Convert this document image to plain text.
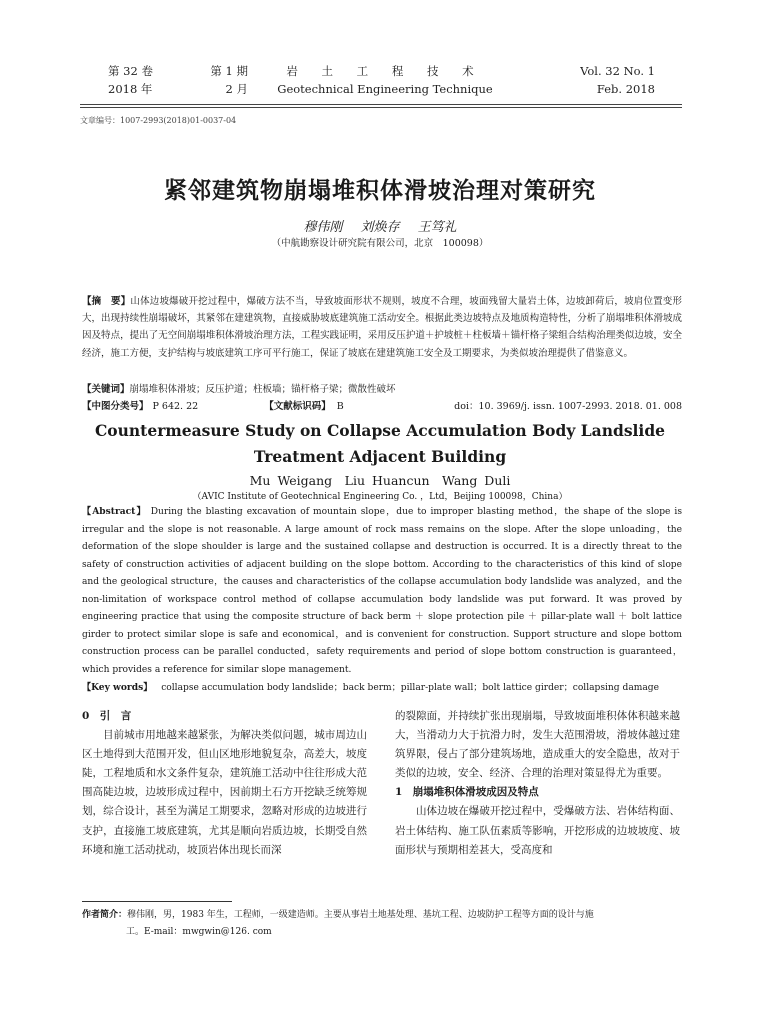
第 32 卷	第 1 期
2018 年	2 月
岩 土 工 程 技 术
Geotechnical Engineering Technique
Vol. 32 No. 1
Feb. 2018
文章编号：1007-2993(2018)01-0037-04
紧邻建筑物崩塌堆积体滑坡治理对策研究
穆伟刚 刘焕存 王笃礼
（中航勘察设计研究院有限公司，北京　100098）
【摘　要】山体边坡爆破开挖过程中，爆破方法不当，导致坡面形状不规则，坡度不合理，坡面残留大量岩土体，边坡卸荷后，坡肩位置变形大，出现持续性崩塌破坏，其紧邻在建建筑物，直接威胁坡底建筑施工活动安全。根据此类边坡特点及地质构造特性，分析了崩塌堆积体滑坡成因及特点，提出了无空间崩塌堆积体滑坡治理方法，工程实践证明，采用反压护道＋护坡桩＋柱板墙＋锚杆格子梁组合结构治理类似边坡，安全经济，施工方便，支护结构与坡底建筑工序可平行施工，保证了坡底在建建筑施工安全及工期要求，为类似坡治理提供了借鉴意义。
【关键词】崩塌堆积体滑坡；反压护道；柱板墙；锚杆格子梁；微散性破坏
【中图分类号】 P 642. 22	【文献标识码】 B	doi：10. 3969/j. issn. 1007-2993. 2018. 01. 008
Countermeasure Study on Collapse Accumulation Body Landslide
Treatment Adjacent Building
Mu Weigang　Liu Huancun　Wang Duli
（AVIC Institute of Geotechnical Engineering Co. ，Ltd，Beijing 100098，China）
【Abstract】 During the blasting excavation of mountain slope，due to improper blasting method，the shape of the slope is irregular and the slope is not reasonable. A large amount of rock mass remains on the slope. After the slope unloading，the deformation of the slope shoulder is large and the sustained collapse and destruction is occurred. It is a directly threat to the safety of construction activities of adjacent building on the slope bottom. According to the characteristics of this kind of slope and the geological structure，the causes and characteristics of the collapse accumulation body landslide was analyzed，and the non-limitation of workspace control method of collapse accumulation body landslide was put forward. It was proved by engineering practice that using the composite structure of back berm ＋ slope protection pile ＋ pillar-plate wall ＋ bolt lattice girder to protect similar slope is safe and economical，and is convenient for construction. Support structure and slope bottom construction process can be parallel conducted，safety requirements and period of slope bottom construction is guaranteed，which provides a reference for similar slope management.
【Key words】 collapse accumulation body landslide；back berm；pillar-plate wall；bolt lattice girder；collapsing damage
0　引　言
目前城市用地越来越紧张，为解决类似问题，城市周边山区土地得到大范围开发，但山区地形地貌复杂，高差大，坡度陡，工程地质和水文条件复杂，建筑施工活动中往往形成大范围高陡边坡，边坡形成过程中，因前期土石方开挖缺乏统筹规划，综合设计，甚至为满足工期要求，忽略对形成的边坡进行支护，直接施工坡底建筑，尤其是顺向岩质边坡，长期受自然环境和施工活动扰动，坡顶岩体出现长而深
的裂隙面，并持续扩张出现崩塌，导致坡面堆积体体积越来越大，当滑动力大于抗滑力时，发生大范围滑坡，滑坡体越过建筑界限，侵占了部分建筑场地，造成重大的安全隐患，故对于类似的边坡，安全、经济、合理的治理对策显得尤为重要。
1　崩塌堆积体滑坡成因及特点
山体边坡在爆破开挖过程中，受爆破方法、岩体结构面、岩土体结构、施工队伍素质等影响，开挖形成的边坡坡度、坡面形状与预期相差甚大，受高度和
作者简介：穆伟刚，男，1983 年生，工程师，一级建造师。主要从事岩土地基处理、基坑工程、边坡防护工程等方面的设计与施
工。E-mail：mwgwin@126. com
